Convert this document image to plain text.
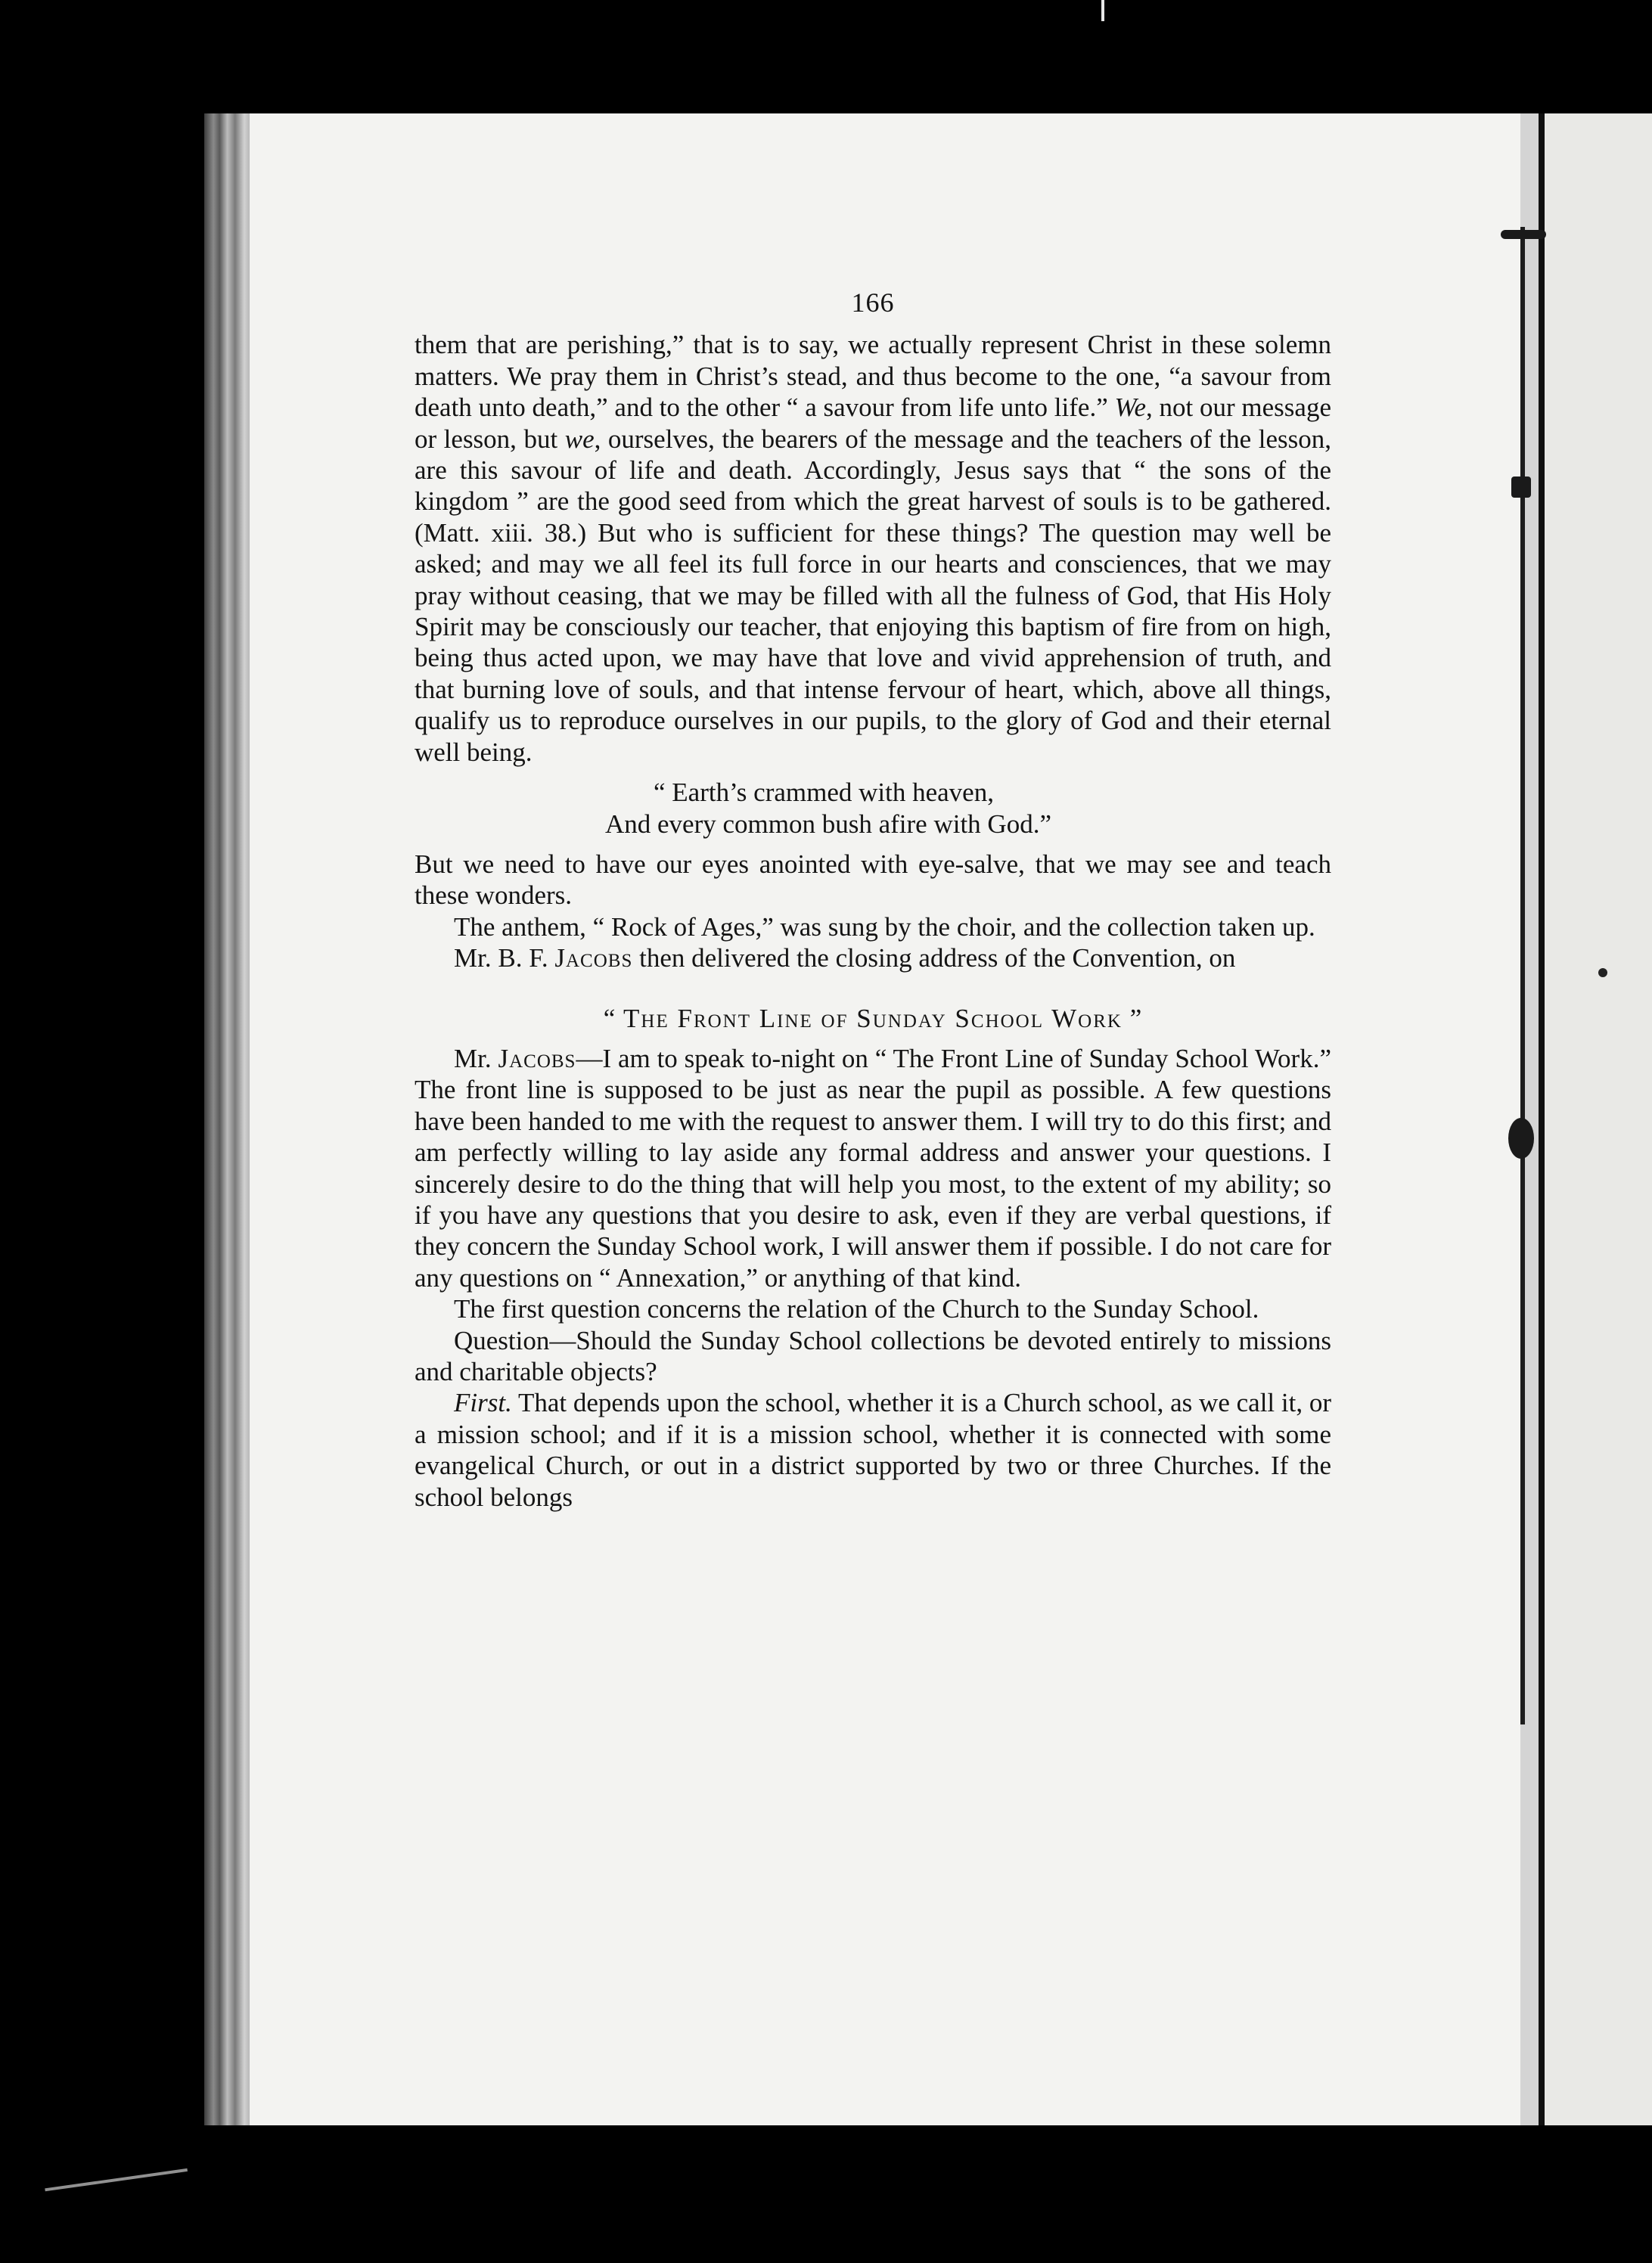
166

them that are perishing,” that is to say, we actually represent Christ in these solemn matters. We pray them in Christ’s stead, and thus become to the one, “a savour from death unto death,” and to the other “ a savour from life unto life.” We, not our message or lesson, but we, ourselves, the bearers of the message and the teachers of the lesson, are this savour of life and death. Accordingly, Jesus says that “ the sons of the kingdom ” are the good seed from which the great harvest of souls is to be gathered. (Matt. xiii. 38.) But who is sufficient for these things? The question may well be asked; and may we all feel its full force in our hearts and consciences, that we may pray without ceasing, that we may be filled with all the fulness of God, that His Holy Spirit may be consciously our teacher, that enjoying this baptism of fire from on high, being thus acted upon, we may have that love and vivid apprehension of truth, and that burning love of souls, and that intense fervour of heart, which, above all things, qualify us to reproduce ourselves in our pupils, to the glory of God and their eternal well being.

“ Earth’s crammed with heaven,
And every common bush afire with God.”

But we need to have our eyes anointed with eye-salve, that we may see and teach these wonders.

The anthem, “ Rock of Ages,” was sung by the choir, and the collection taken up.

Mr. B. F. Jacobs then delivered the closing address of the Convention, on

“ The Front Line of Sunday School Work ”

Mr. Jacobs—I am to speak to-night on “ The Front Line of Sunday School Work.” The front line is supposed to be just as near the pupil as possible. A few questions have been handed to me with the request to answer them. I will try to do this first; and am perfectly willing to lay aside any formal address and answer your questions. I sincerely desire to do the thing that will help you most, to the extent of my ability; so if you have any questions that you desire to ask, even if they are verbal questions, if they concern the Sunday School work, I will answer them if possible. I do not care for any questions on “ Annexation,” or anything of that kind.

The first question concerns the relation of the Church to the Sunday School.

Question—Should the Sunday School collections be devoted entirely to missions and charitable objects?

First. That depends upon the school, whether it is a Church school, as we call it, or a mission school; and if it is a mission school, whether it is connected with some evangelical Church, or out in a district supported by two or three Churches. If the school belongs
